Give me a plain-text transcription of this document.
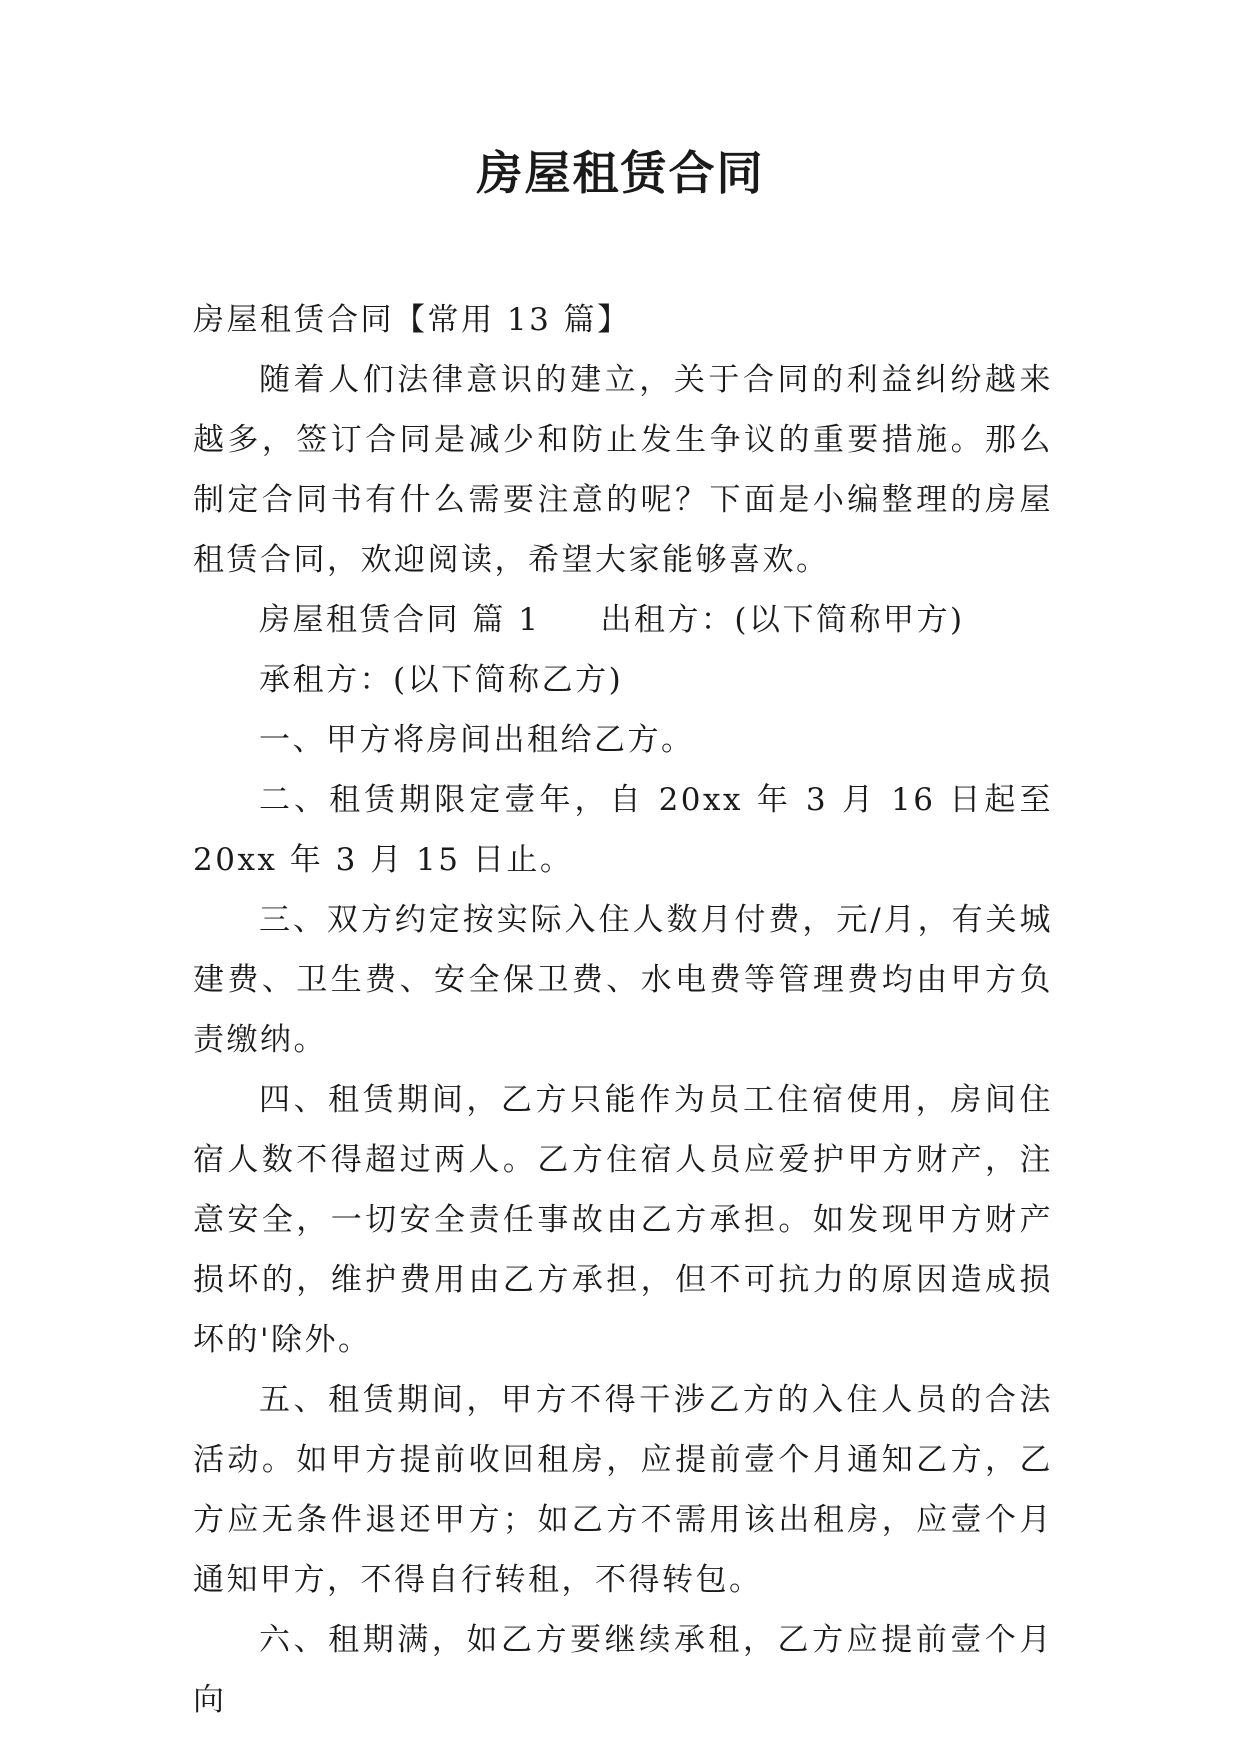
房屋租赁合同

房屋租赁合同【常用 13 篇】

随着人们法律意识的建立，关于合同的利益纠纷越来越多，签订合同是减少和防止发生争议的重要措施。那么制定合同书有什么需要注意的呢？下面是小编整理的房屋租赁合同，欢迎阅读，希望大家能够喜欢。

房屋租赁合同 篇 1 出租方：(以下简称甲方)

承租方：(以下简称乙方)

一、甲方将房间出租给乙方。

二、租赁期限定壹年，自 20xx 年 3 月 16 日起至 20xx 年 3 月 15 日止。

三、双方约定按实际入住人数月付费，元/月，有关城建费、卫生费、安全保卫费、水电费等管理费均由甲方负责缴纳。

四、租赁期间，乙方只能作为员工住宿使用，房间住宿人数不得超过两人。乙方住宿人员应爱护甲方财产，注意安全，一切安全责任事故由乙方承担。如发现甲方财产损坏的，维护费用由乙方承担，但不可抗力的原因造成损坏的'除外。

五、租赁期间，甲方不得干涉乙方的入住人员的合法活动。如甲方提前收回租房，应提前壹个月通知乙方，乙方应无条件退还甲方；如乙方不需用该出租房，应壹个月通知甲方，不得自行转租，不得转包。

六、租期满，如乙方要继续承租，乙方应提前壹个月向
